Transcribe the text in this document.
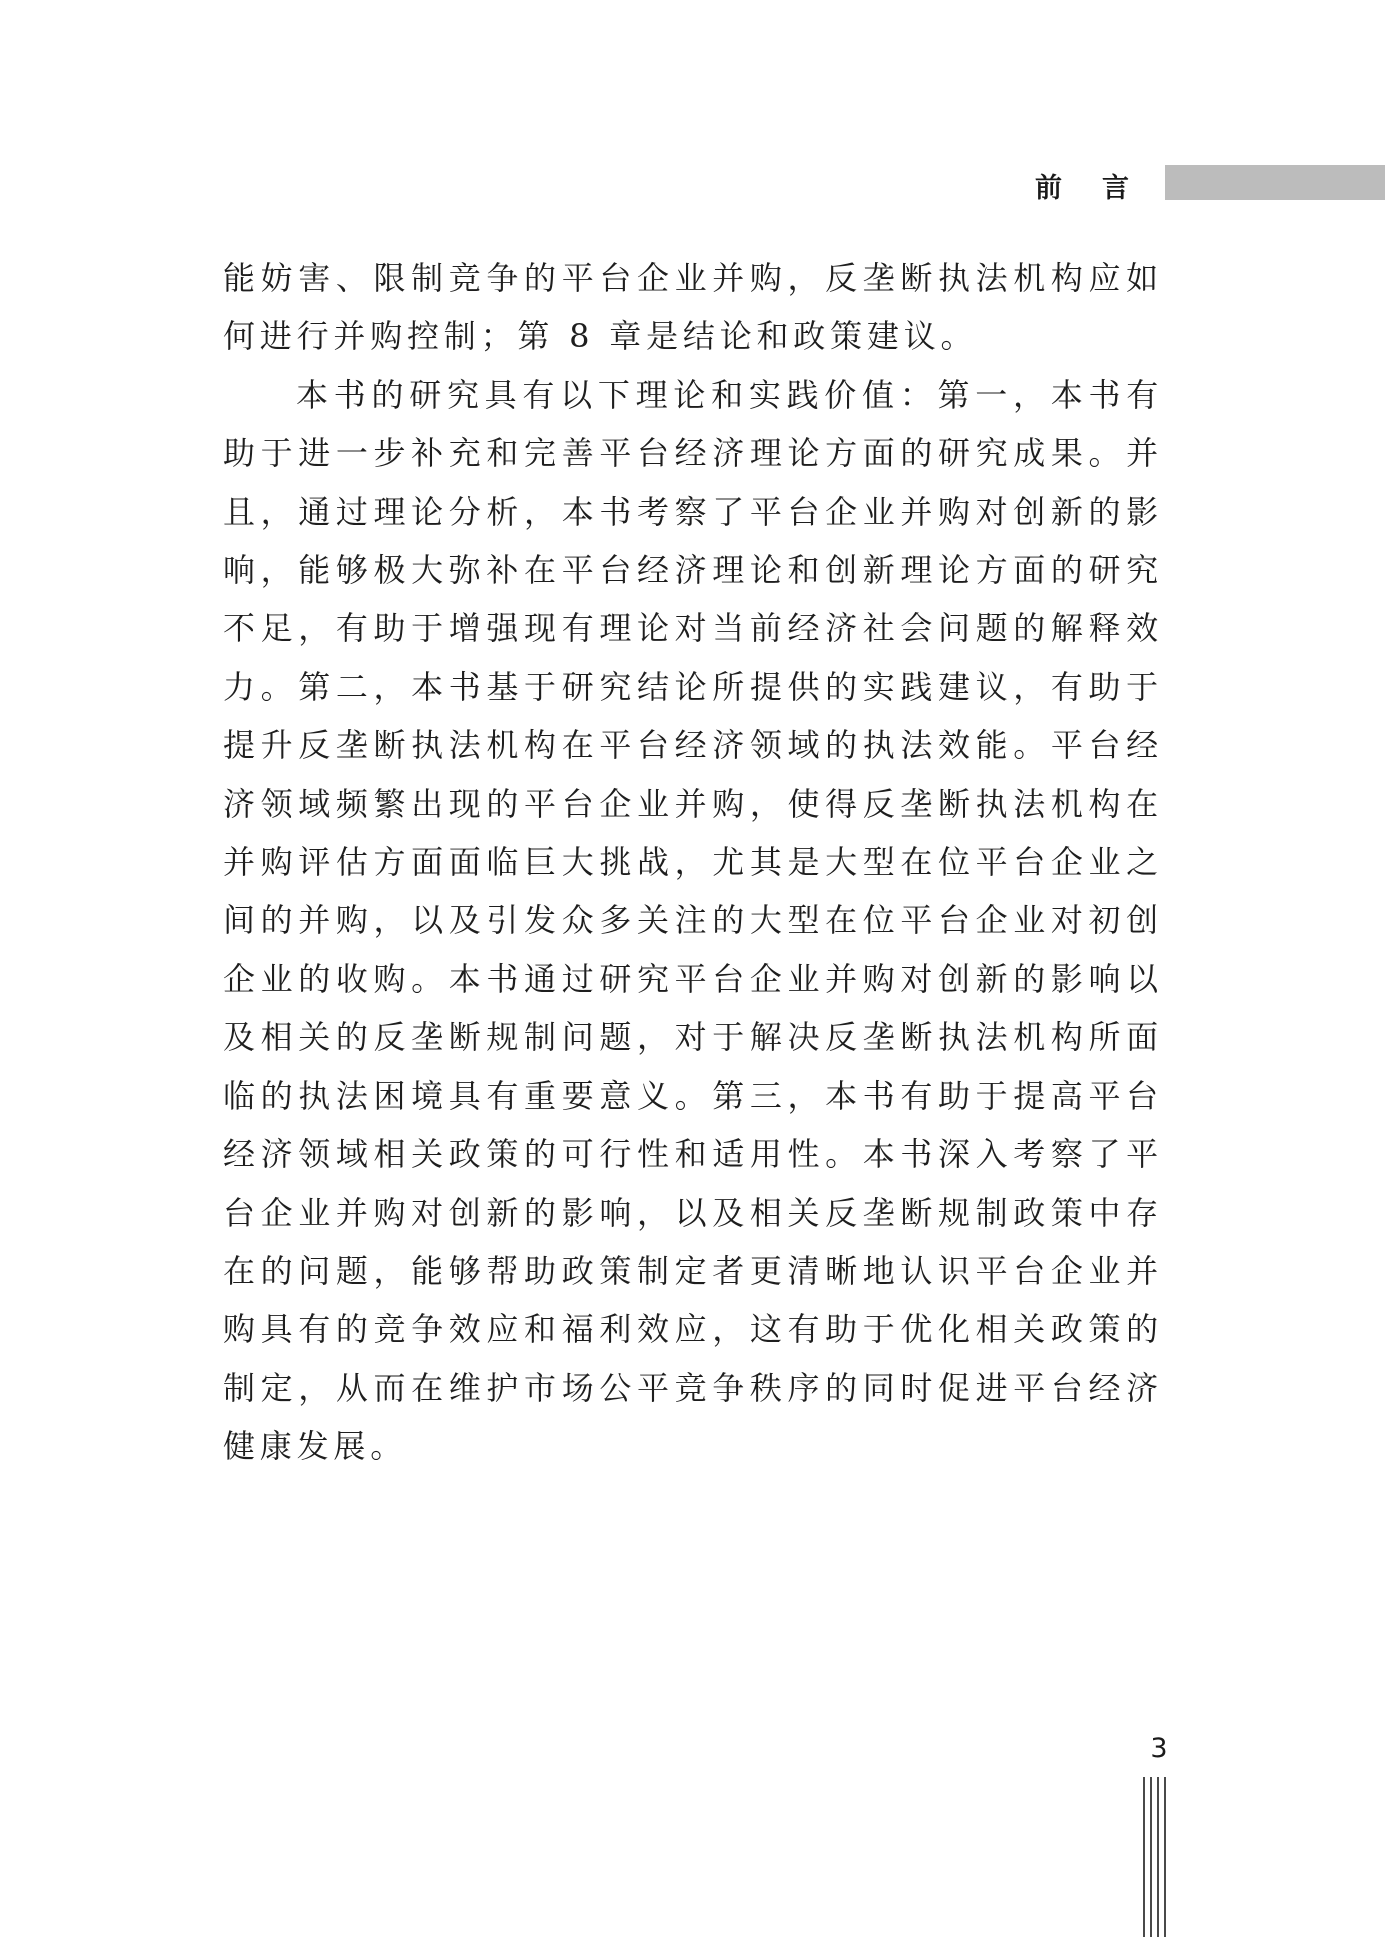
前 言

能妨害、限制竞争的平台企业并购，反垄断执法机构应如何进行并购控制；第 8 章是结论和政策建议。

本书的研究具有以下理论和实践价值：第一，本书有助于进一步补充和完善平台经济理论方面的研究成果。并且，通过理论分析，本书考察了平台企业并购对创新的影响，能够极大弥补在平台经济理论和创新理论方面的研究不足，有助于增强现有理论对当前经济社会问题的解释效力。第二，本书基于研究结论所提供的实践建议，有助于提升反垄断执法机构在平台经济领域的执法效能。平台经济领域频繁出现的平台企业并购，使得反垄断执法机构在并购评估方面面临巨大挑战，尤其是大型在位平台企业之间的并购，以及引发众多关注的大型在位平台企业对初创企业的收购。本书通过研究平台企业并购对创新的影响以及相关的反垄断规制问题，对于解决反垄断执法机构所面临的执法困境具有重要意义。第三，本书有助于提高平台经济领域相关政策的可行性和适用性。本书深入考察了平台企业并购对创新的影响，以及相关反垄断规制政策中存在的问题，能够帮助政策制定者更清晰地认识平台企业并购具有的竞争效应和福利效应，这有助于优化相关政策的制定，从而在维护市场公平竞争秩序的同时促进平台经济健康发展。

3
